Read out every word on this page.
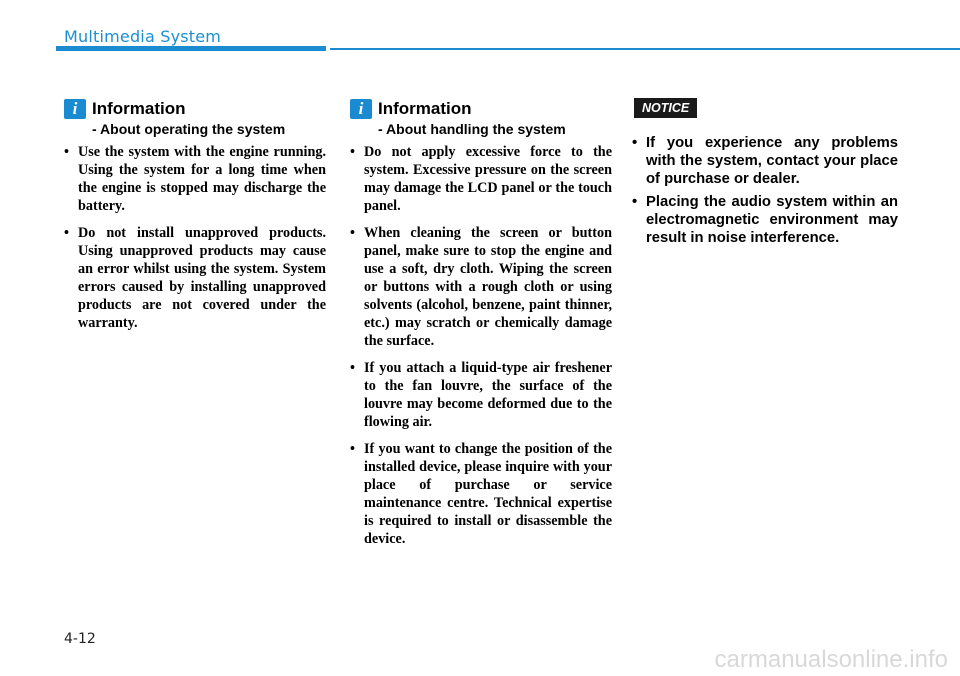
Multimedia System
i Information
- About operating the system
• Use the system with the engine running. Using the system for a long time when the engine is stopped may discharge the battery.
• Do not install unapproved products. Using unapproved products may cause an error whilst using the system. System errors caused by installing unapproved products are not covered under the warranty.
i Information
- About handling the system
• Do not apply excessive force to the system. Excessive pressure on the screen may damage the LCD panel or the touch panel.
• When cleaning the screen or button panel, make sure to stop the engine and use a soft, dry cloth. Wiping the screen or buttons with a rough cloth or using solvents (alcohol, benzene, paint thinner, etc.) may scratch or chemically damage the surface.
• If you attach a liquid-type air freshener to the fan louvre, the surface of the louvre may become deformed due to the flowing air.
• If you want to change the position of the installed device, please inquire with your place of purchase or service maintenance centre. Technical expertise is required to install or disassemble the device.
NOTICE
• If you experience any problems with the system, contact your place of purchase or dealer.
• Placing the audio system within an electromagnetic environment may result in noise interference.
4-12
carmanualsonline.info
